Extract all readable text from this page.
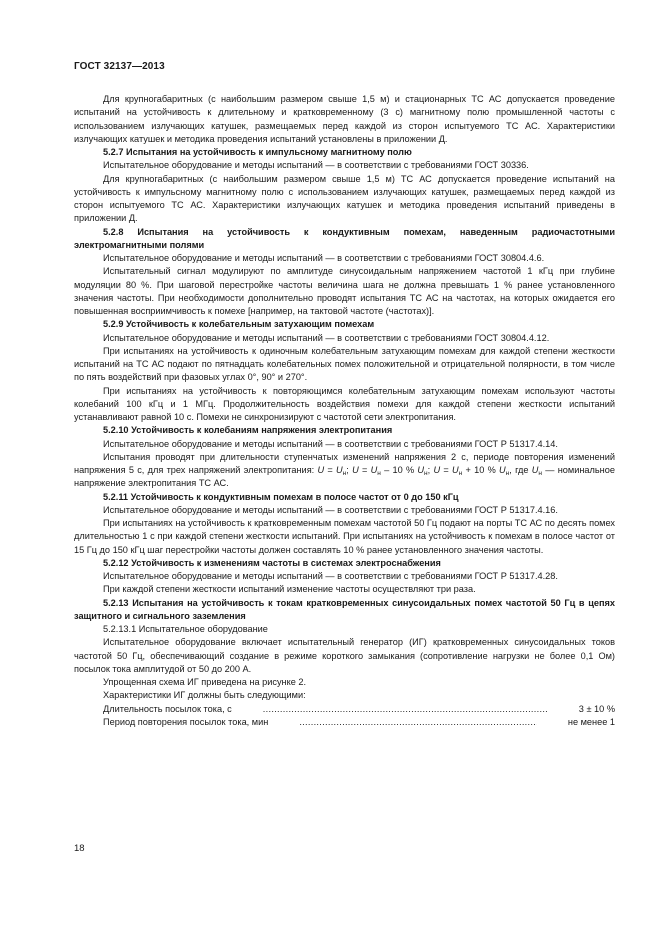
ГОСТ 32137—2013

Для крупногабаритных (с наибольшим размером свыше 1,5 м) и стационарных ТС АС допускается проведение испытаний на устойчивость к длительному и кратковременному (3 с) магнитному полю промышленной частоты с использованием излучающих катушек, размещаемых перед каждой из сторон испытуемого ТС АС. Характеристики излучающих катушек и методика проведения испытаний установлены в приложении Д.

5.2.7 Испытания на устойчивость к импульсному магнитному полю

Испытательное оборудование и методы испытаний — в соответствии с требованиями ГОСТ 30336.

Для крупногабаритных (с наибольшим размером свыше 1,5 м) ТС АС допускается проведение испытаний на устойчивость к импульсному магнитному полю с использованием излучающих катушек, размещаемых перед каждой из сторон испытуемого ТС АС. Характеристики излучающих катушек и методика проведения испытаний приведены в приложении Д.

5.2.8 Испытания на устойчивость к кондуктивным помехам, наведенным радиочастотными электромагнитными полями

Испытательное оборудование и методы испытаний — в соответствии с требованиями ГОСТ 30804.4.6.

Испытательный сигнал модулируют по амплитуде синусоидальным напряжением частотой 1 кГц при глубине модуляции 80 %. При шаговой перестройке частоты величина шага не должна превышать 1 % ранее установленного значения частоты. При необходимости дополнительно проводят испытания ТС АС на частотах, на которых ожидается его повышенная восприимчивость к помехе [например, на тактовой частоте (частотах)].

5.2.9 Устойчивость к колебательным затухающим помехам

Испытательное оборудование и методы испытаний — в соответствии с требованиями ГОСТ 30804.4.12.

При испытаниях на устойчивость к одиночным колебательным затухающим помехам для каждой степени жесткости испытаний на ТС АС подают по пятнадцать колебательных помех положительной и отрицательной полярности, в том числе по пять воздействий при фазовых углах 0°, 90° и 270°.

При испытаниях на устойчивость к повторяющимся колебательным затухающим помехам используют частоты колебаний 100 кГц и 1 МГц. Продолжительность воздействия помехи для каждой степени жесткости испытаний устанавливают равной 10 с. Помехи не синхронизируют с частотой сети электропитания.

5.2.10 Устойчивость к колебаниям напряжения электропитания

Испытательное оборудование и методы испытаний — в соответствии с требованиями ГОСТ Р 51317.4.14.

Испытания проводят при длительности ступенчатых изменений напряжения 2 с, периоде повторения изменений напряжения 5 с, для трех напряжений электропитания: $U = U_н$; $U = U_н - 10$ % $U_н$; $U = U_н + 10$ % $U_н$, где $U_н$ — номинальное напряжение электропитания ТС АС.

5.2.11 Устойчивость к кондуктивным помехам в полосе частот от 0 до 150 кГц

Испытательное оборудование и методы испытаний — в соответствии с требованиями ГОСТ Р 51317.4.16.

При испытаниях на устойчивость к кратковременным помехам частотой 50 Гц подают на порты ТС АС по десять помех длительностью 1 с при каждой степени жесткости испытаний. При испытаниях на устойчивость к помехам в полосе частот от 15 Гц до 150 кГц шаг перестройки частоты должен составлять 10 % ранее установленного значения частоты.

5.2.12 Устойчивость к изменениям частоты в системах электроснабжения

Испытательное оборудование и методы испытаний — в соответствии с требованиями ГОСТ Р 51317.4.28.

При каждой степени жесткости испытаний изменение частоты осуществляют три раза.

5.2.13 Испытания на устойчивость к токам кратковременных синусоидальных помех частотой 50 Гц в цепях защитного и сигнального заземления

5.2.13.1 Испытательное оборудование

Испытательное оборудование включает испытательный генератор (ИГ) кратковременных синусоидальных токов частотой 50 Гц, обеспечивающий создание в режиме короткого замыкания (сопротивление нагрузки не более 0,1 Ом) посылок тока амплитудой от 50 до 200 А.

Упрощенная схема ИГ приведена на рисунке 2.

Характеристики ИГ должны быть следующими:

Длительность посылок тока, с .....	3 ± 10 %
Период повторения посылок тока, мин .....	не менее 1
18
